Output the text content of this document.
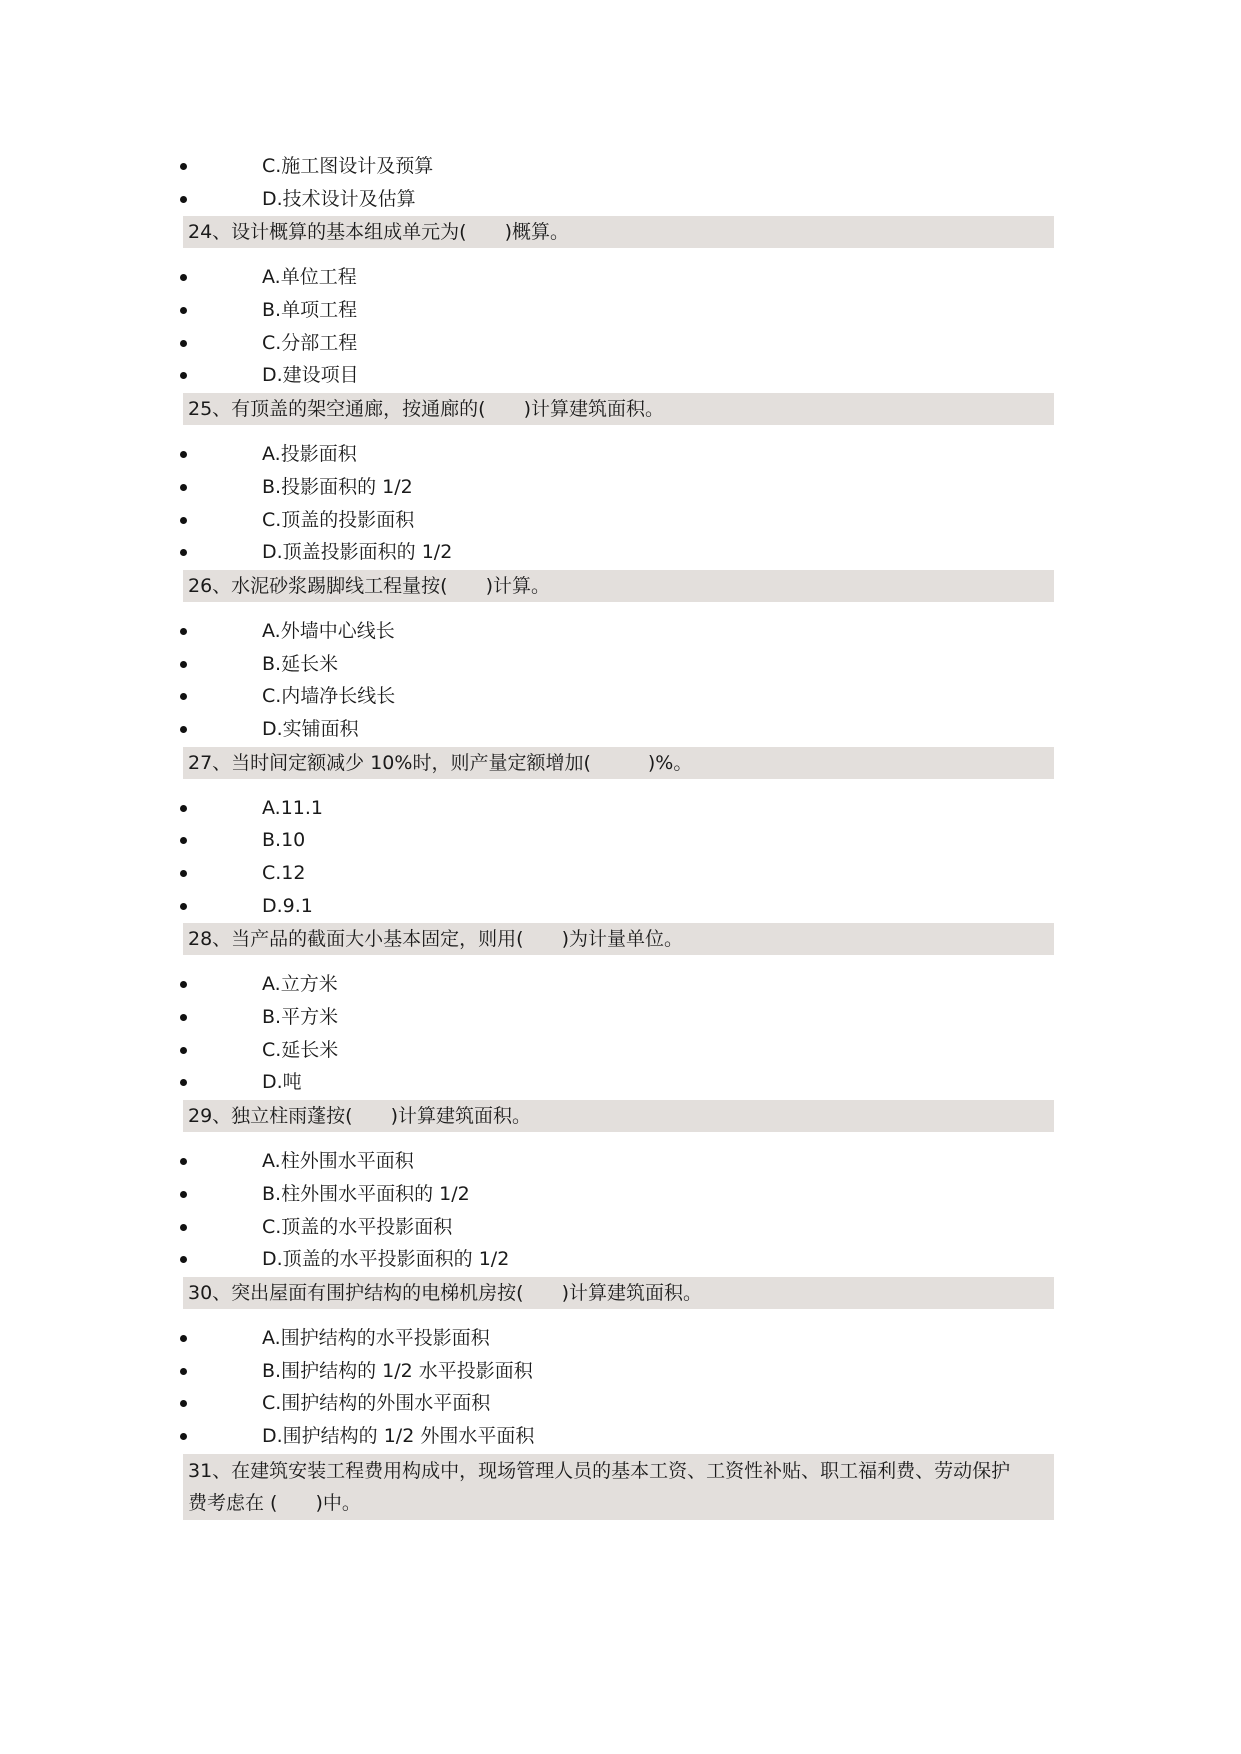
C.施工图设计及预算
D.技术设计及估算
24、设计概算的基本组成单元为(　　)概算。
A.单位工程
B.单项工程
C.分部工程
D.建设项目
25、有顶盖的架空通廊，按通廊的(　　)计算建筑面积。
A.投影面积
B.投影面积的 1/2
C.顶盖的投影面积
D.顶盖投影面积的 1/2
26、水泥砂浆踢脚线工程量按(　　)计算。
A.外墙中心线长
B.延长米
C.内墙净长线长
D.实铺面积
27、当时间定额减少 10%时，则产量定额增加(　　　)%。
A.11.1
B.10
C.12
D.9.1
28、当产品的截面大小基本固定，则用(　　)为计量单位。
A.立方米
B.平方米
C.延长米
D.吨
29、独立柱雨蓬按(　　)计算建筑面积。
A.柱外围水平面积
B.柱外围水平面积的 1/2
C.顶盖的水平投影面积
D.顶盖的水平投影面积的 1/2
30、突出屋面有围护结构的电梯机房按(　　)计算建筑面积。
A.围护结构的水平投影面积
B.围护结构的 1/2 水平投影面积
C.围护结构的外围水平面积
D.围护结构的 1/2 外围水平面积
31、在建筑安装工程费用构成中，现场管理人员的基本工资、工资性补贴、职工福利费、劳动保护
费考虑在 (　　)中。
